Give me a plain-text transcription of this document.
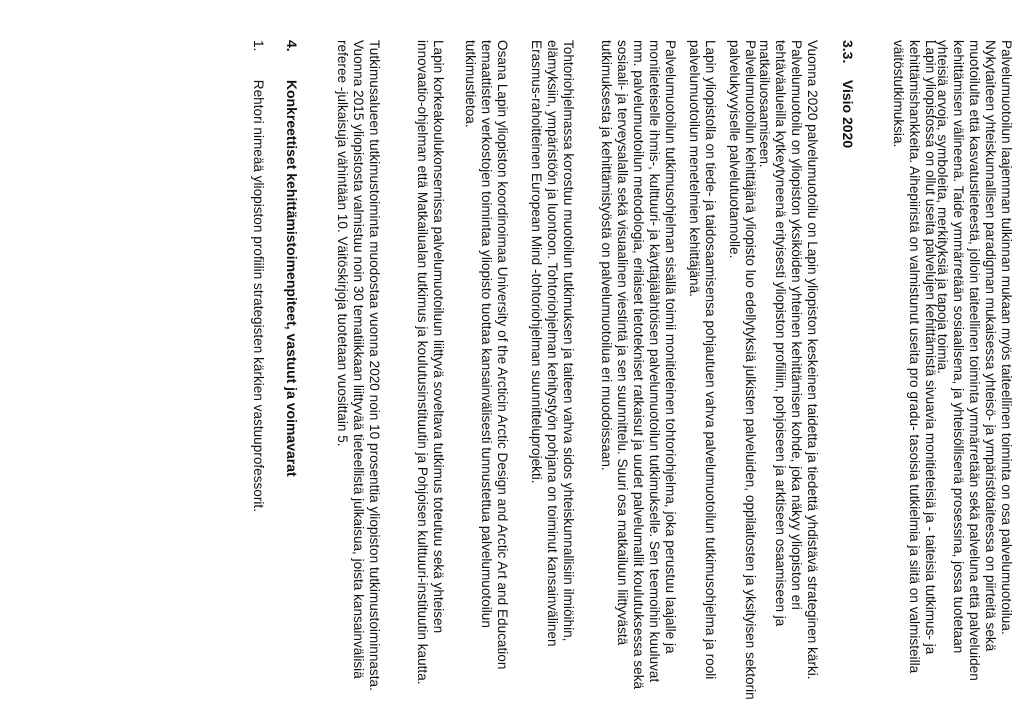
Palvelumuotoilun laajemman tulkinnan mukaan myös taiteellinen toiminta on osa palvelumuotoilua. Nykytaiteen yhteiskunnallisen paradigman mukaisessa yhteisö- ja ympäristötaiteessa on piirteitä sekä muotoilulta että kasvatustieteestä, jolloin taiteellinen toiminta ymmärretään sekä palveluna että palveluiden kehittämisen välineenä. Taide ymmärretään sosiaalisena, ja yhteisöllisenä prosessina, jossa tuotetaan yhteisiä arvoja, symboleita, merkityksiä ja tapoja toimia.

Lapin yliopistossa on ollut useita palvelujen kehittämistä sivuavia monitieteisiä ja - taiteisia tutkimus- ja kehittämishankkeita. Aihepiiristä on valmistunut useita pro gradu- tasoisia tutkielmia ja siitä on valmisteilla väitöstutkimuksia.

3.3. Visio 2020

Vuonna 2020 palvelumuotoilu on Lapin yliopiston keskeinen taidetta ja tiedettä yhdistävä strateginen kärki. Palvelumuotoilu on yliopiston yksiköiden yhteinen kehittämisen kohde, joka näkyy yliopiston eri tehtäväalueilla kytkeytyneenä erityisesti yliopiston profiiliin, pohjoiseen ja arktiseen osaamiseen ja matkailuosaamiseen.

Palvelumuotoilun kehittäjänä yliopisto luo edellytyksiä julkisten palveluiden, oppilaitosten ja yksityisen sektorin palvelukyvyiselle palvelutuotannolle.

Lapin yliopistolla on tiede- ja taidosaamisensa pohjautuen vahva palvelumuotoilun tutkimusohjelma ja rooli palvelumuotoilun menetelmien kehittäjänä.

Palvelumuotoilun tutkimusohjelman sisällä toimii monitieteinen tohtoriohjelma, joka perustuu laajalle ja monitieteiselle ihmis-, kulttuuri- ja käyttäjälähtöisen palvelumuotoilun tutkimukselle. Sen teemoihin kuuluvat mm. palvelumuotoilun metodologia, erilaiset tietotekniset ratkaisut ja uudet palvelumallit koulutuksessa sekä sosiaali- ja terveysalalla sekä visuaalinen viestintä ja sen suunnittelu. Suuri osa matkailuun liittyvästä tutkimuksesta ja kehittämistyöstä on palvelumuotoilua eri muodoissaan.

Tohtoriohjelmassa korostuu muotoilun tutkimuksen ja taiteen vahva sidos yhteiskunnallisiin ilmiöihin, elämyksiin, ympäristöön ja luontoon. Tohtoriohjelman kehitystyön pohjana on toiminut kansainvälinen Erasmus-rahoitteinen European Mind -tohtoriohjelman suunnitteluprojekti.

Osana Lapin yliopiston koordinoimaa University of the Arcticin Arctic Design and Arctic Art and Education temaattisten verkostojen toimintaa yliopisto tuottaa kansainvälisesti tunnustettua palvelumuotoilun tutkimustietoa.

Lapin korkeakoulukonsernissa palvelumuotoiluun liittyvä soveltava tutkimus toteutuu sekä yhteisen innovaatio-ohjelman että Matkailualan tutkimus ja koulutusinstituutin ja Pohjoisen kulttuuri-instituutin kautta.

Tutkimusalueen tutkimustoiminta muodostaa vuonna 2020 noin 10 prosenttia yliopiston tutkimustoiminnasta. Vuonna 2015 yliopistosta valmistuu noin 30 tematiikkaan liittyvää tieteellistä julkaisua, joista kansainvälisiä referee -julkaisuja vähintään 10. Väitöskirjoja tuotetaan vuosittain 5.

4. Konkreettiset kehittämistoimenpiteet, vastuut ja voimavarat
1. Rehtori nimeää yliopiston profiilin strategisten kärkien vastuuprofessorit.
